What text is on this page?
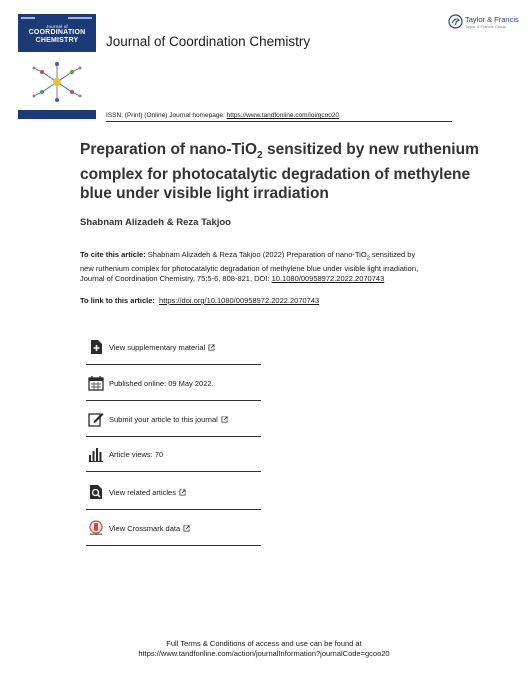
Journal of
COORDINATION
CHEMISTRY	Journal of Coordination Chemistry
Taylor & Francis
Taylor & Francis Group
ISSN: (Print) (Online) Journal homepage: https://www.tandfonline.com/loi/gcoo20
Preparation of nano-TiO$_2$ sensitized by new ruthenium complex for photocatalytic degradation of methylene blue under visible light irradiation
Shabnam Alizadeh & Reza Takjoo
To cite this article: Shabnam Alizadeh & Reza Takjoo (2022) Preparation of nano-TiO$_2$ sensitized by new ruthenium complex for photocatalytic degradation of methylene blue under visible light irradiation, Journal of Coordination Chemistry, 75:5-6, 808-821, DOI: 10.1080/00958972.2022.2070743
To link to this article: https://doi.org/10.1080/00958972.2022.2070743
View supplementary material
Published online: 09 May 2022.
Submit your article to this journal
Article views: 70
View related articles
View Crossmark data
Full Terms & Conditions of access and use can be found at
https://www.tandfonline.com/action/journalInformation?journalCode=gcoo20
